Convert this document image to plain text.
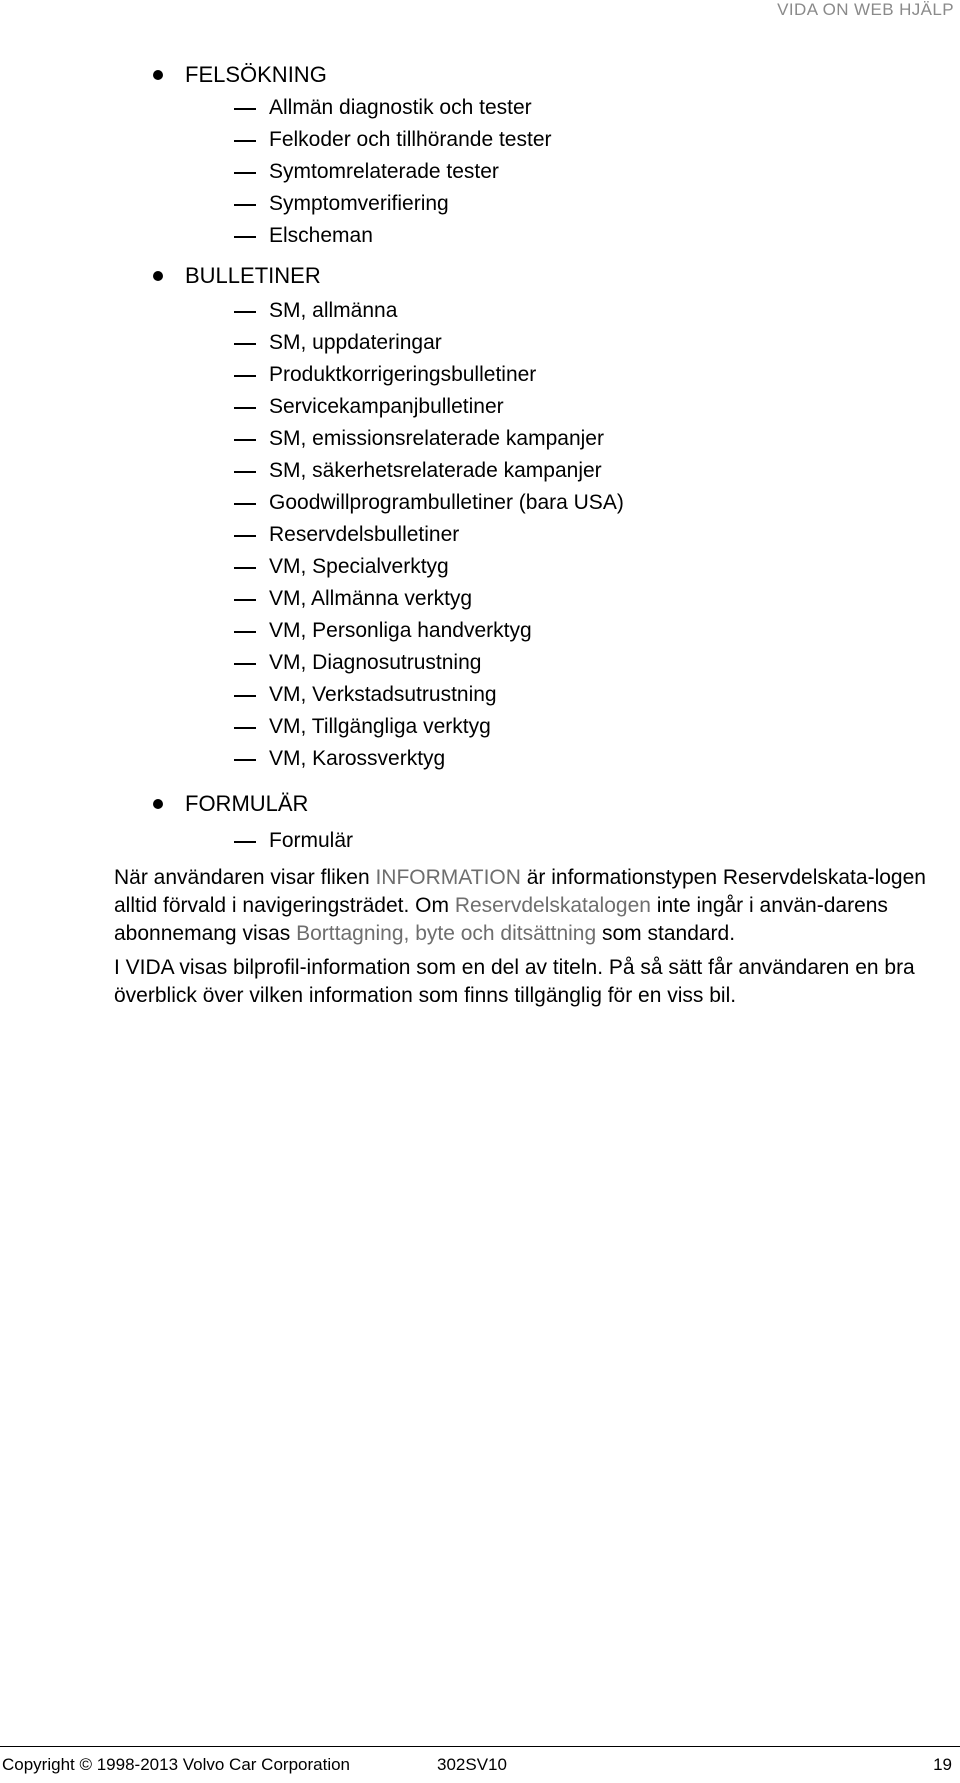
VIDA ON WEB HJÄLP
FELSÖKNING
Allmän diagnostik och tester
Felkoder och tillhörande tester
Symtomrelaterade tester
Symptomverifiering
Elscheman
BULLETINER
SM, allmänna
SM, uppdateringar
Produktkorrigeringsbulletiner
Servicekampanjbulletiner
SM, emissionsrelaterade kampanjer
SM, säkerhetsrelaterade kampanjer
Goodwillprogrambulletiner (bara USA)
Reservdelsbulletiner
VM, Specialverktyg
VM, Allmänna verktyg
VM, Personliga handverktyg
VM, Diagnosutrustning
VM, Verkstadsutrustning
VM, Tillgängliga verktyg
VM, Karossverktyg
FORMULÄR
Formulär
När användaren visar fliken INFORMATION är informationstypen Reservdelskata-logen alltid förvald i navigeringsträdet. Om Reservdelskatalogen inte ingår i använ-darens abonnemang visas Borttagning, byte och ditsättning som standard.
I VIDA visas bilprofil-information som en del av titeln. På så sätt får användaren en bra överblick över vilken information som finns tillgänglig för en viss bil.
Copyright © 1998-2013 Volvo Car Corporation	302SV10	19
